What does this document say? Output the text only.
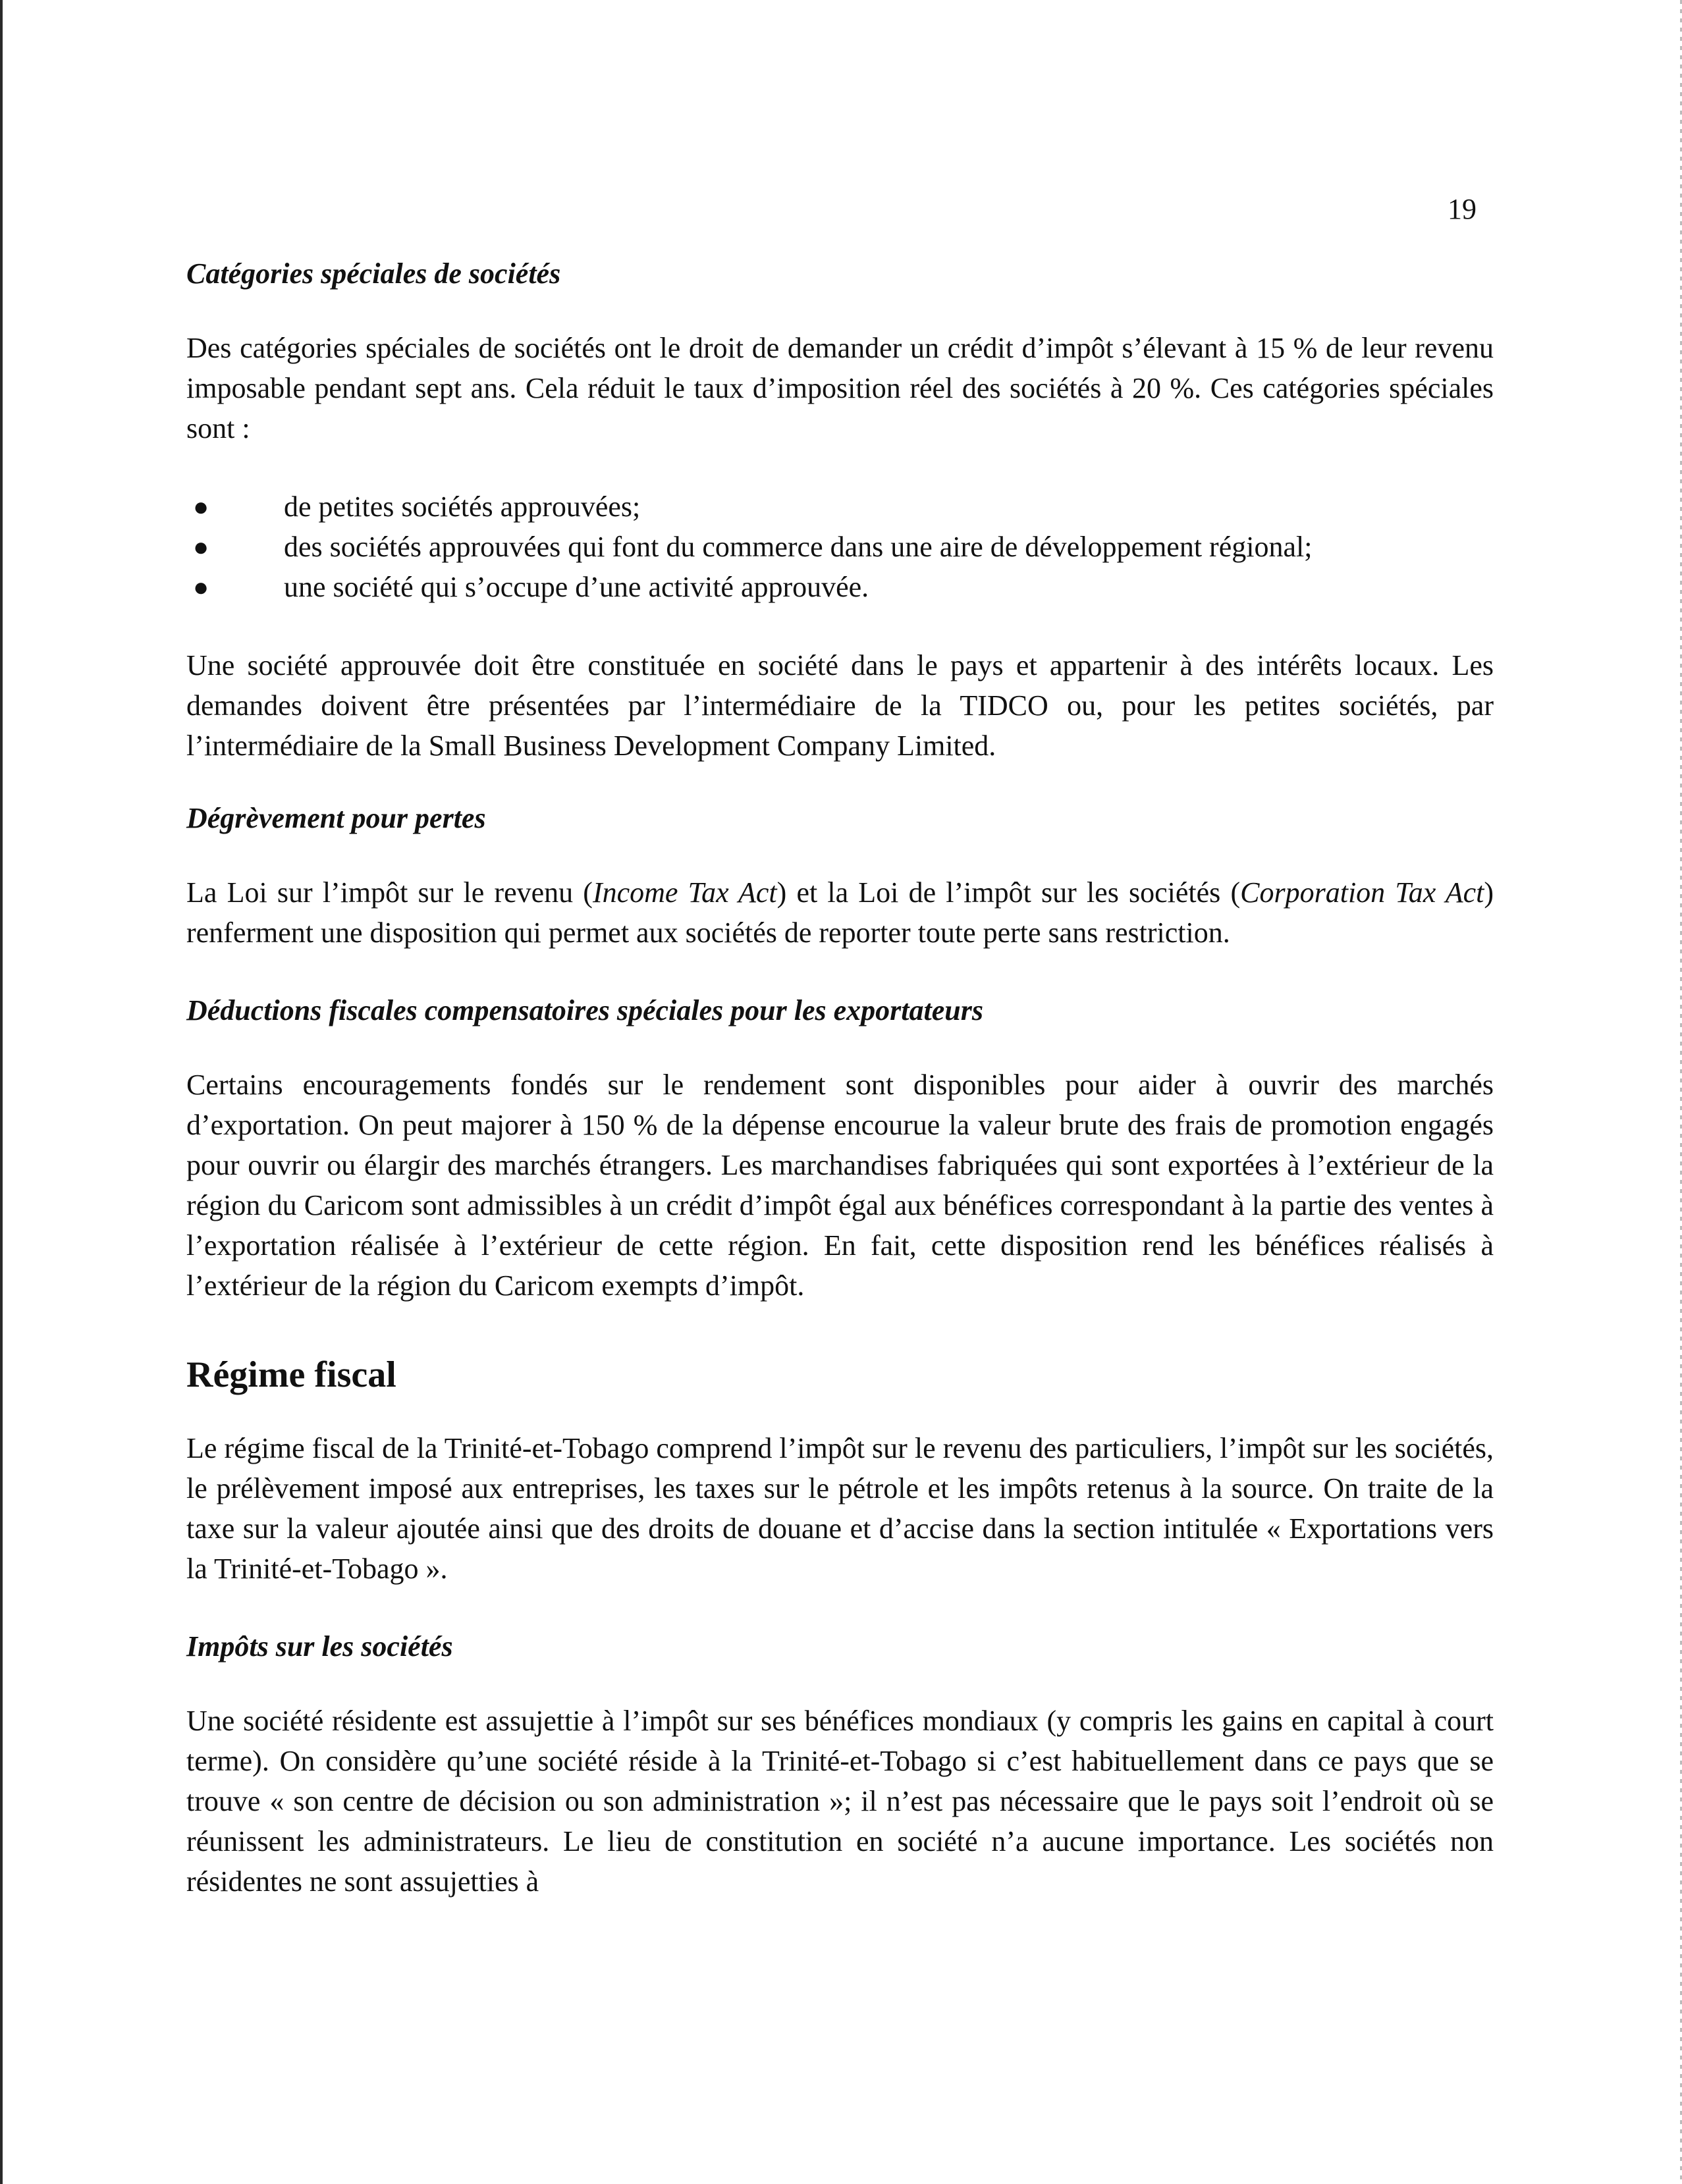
19
Catégories spéciales de sociétés

Des catégories spéciales de sociétés ont le droit de demander un crédit d’impôt s’élevant à 15 % de leur revenu imposable pendant sept ans. Cela réduit le taux d’imposition réel des sociétés à 20 %. Ces catégories spéciales sont :

●	de petites sociétés approuvées;
●	des sociétés approuvées qui font du commerce dans une aire de développement régional;
●	une société qui s’occupe d’une activité approuvée.

Une société approuvée doit être constituée en société dans le pays et appartenir à des intérêts locaux. Les demandes doivent être présentées par l’intermédiaire de la TIDCO ou, pour les petites sociétés, par l’intermédiaire de la Small Business Development Company Limited.

Dégrèvement pour pertes

La Loi sur l’impôt sur le revenu (Income Tax Act) et la Loi de l’impôt sur les sociétés (Corporation Tax Act) renferment une disposition qui permet aux sociétés de reporter toute perte sans restriction.

Déductions fiscales compensatoires spéciales pour les exportateurs

Certains encouragements fondés sur le rendement sont disponibles pour aider à ouvrir des marchés d’exportation. On peut majorer à 150 % de la dépense encourue la valeur brute des frais de promotion engagés pour ouvrir ou élargir des marchés étrangers. Les marchandises fabriquées qui sont exportées à l’extérieur de la région du Caricom sont admissibles à un crédit d’impôt égal aux bénéfices correspondant à la partie des ventes à l’exportation réalisée à l’extérieur de cette région. En fait, cette disposition rend les bénéfices réalisés à l’extérieur de la région du Caricom exempts d’impôt.

Régime fiscal

Le régime fiscal de la Trinité-et-Tobago comprend l’impôt sur le revenu des particuliers, l’impôt sur les sociétés, le prélèvement imposé aux entreprises, les taxes sur le pétrole et les impôts retenus à la source. On traite de la taxe sur la valeur ajoutée ainsi que des droits de douane et d’accise dans la section intitulée « Exportations vers la Trinité-et-Tobago ».

Impôts sur les sociétés

Une société résidente est assujettie à l’impôt sur ses bénéfices mondiaux (y compris les gains en capital à court terme). On considère qu’une société réside à la Trinité-et-Tobago si c’est habituellement dans ce pays que se trouve « son centre de décision ou son administration »; il n’est pas nécessaire que le pays soit l’endroit où se réunissent les administrateurs. Le lieu de constitution en société n’a aucune importance. Les sociétés non résidentes ne sont assujetties à
